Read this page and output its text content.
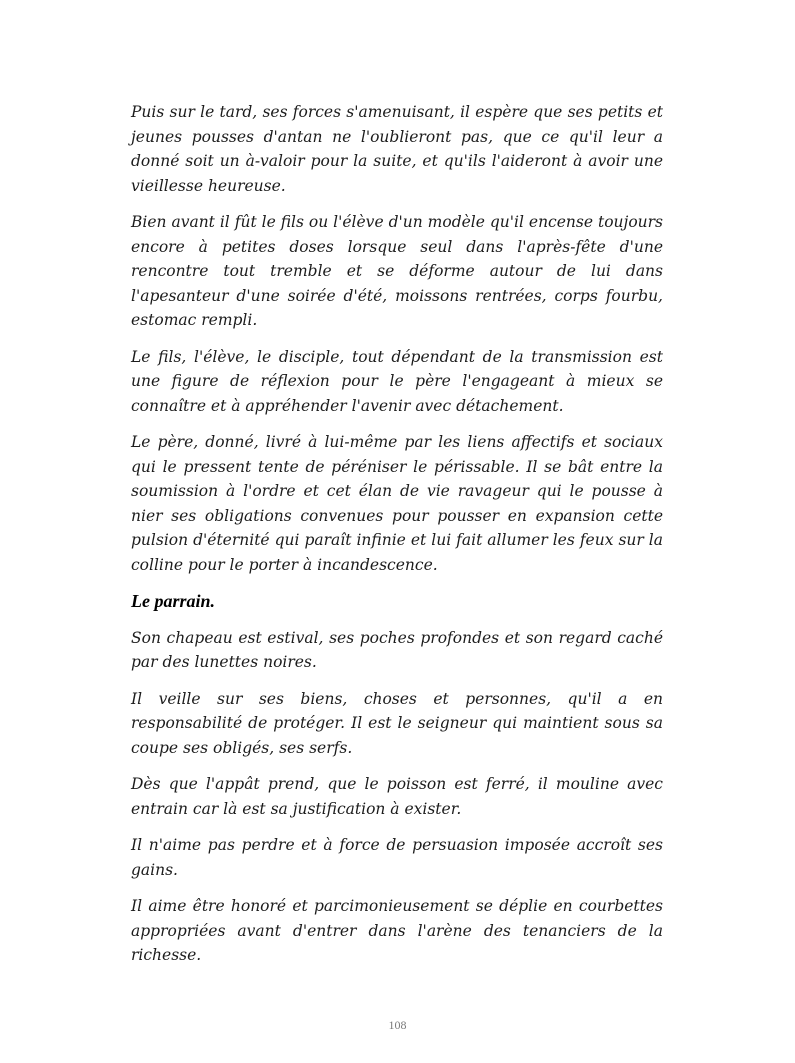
Puis sur le tard, ses forces s'amenuisant, il espère que ses petits et jeunes pousses d'antan ne l'oublieront pas, que ce qu'il leur a donné soit un à-valoir pour la suite, et qu'ils l'aideront à avoir une vieillesse heureuse.

Bien avant il fût le fils ou l'élève d'un modèle qu'il encense toujours encore à petites doses lorsque seul dans l'après-fête d'une rencontre tout tremble et se déforme autour de lui dans l'apesanteur d'une soirée d'été, moissons rentrées, corps fourbu, estomac rempli.

Le fils, l'élève, le disciple, tout dépendant de la transmission est une figure de réflexion pour le père l'engageant à mieux se connaître et à appréhender l'avenir avec détachement.

Le père, donné, livré à lui-même par les liens affectifs et sociaux qui le pressent tente de péréniser le périssable. Il se bât entre la soumission à l'ordre et cet élan de vie ravageur qui le pousse à nier ses obligations convenues pour pousser en expansion cette pulsion d'éternité qui paraît infinie et lui fait allumer les feux sur la colline pour le porter à incandescence.

Le parrain.

Son chapeau est estival, ses poches profondes et son regard caché par des lunettes noires.

Il veille sur ses biens, choses et personnes, qu'il a en responsabilité de protéger. Il est le seigneur qui maintient sous sa coupe ses obligés, ses serfs.

Dès que l'appât prend, que le poisson est ferré, il mouline avec entrain car là est sa justification à exister.

Il n'aime pas perdre et à force de persuasion imposée accroît ses gains.

Il aime être honoré et parcimonieusement se déplie en courbettes appropriées avant d'entrer dans l'arène des tenanciers de la richesse.

108
